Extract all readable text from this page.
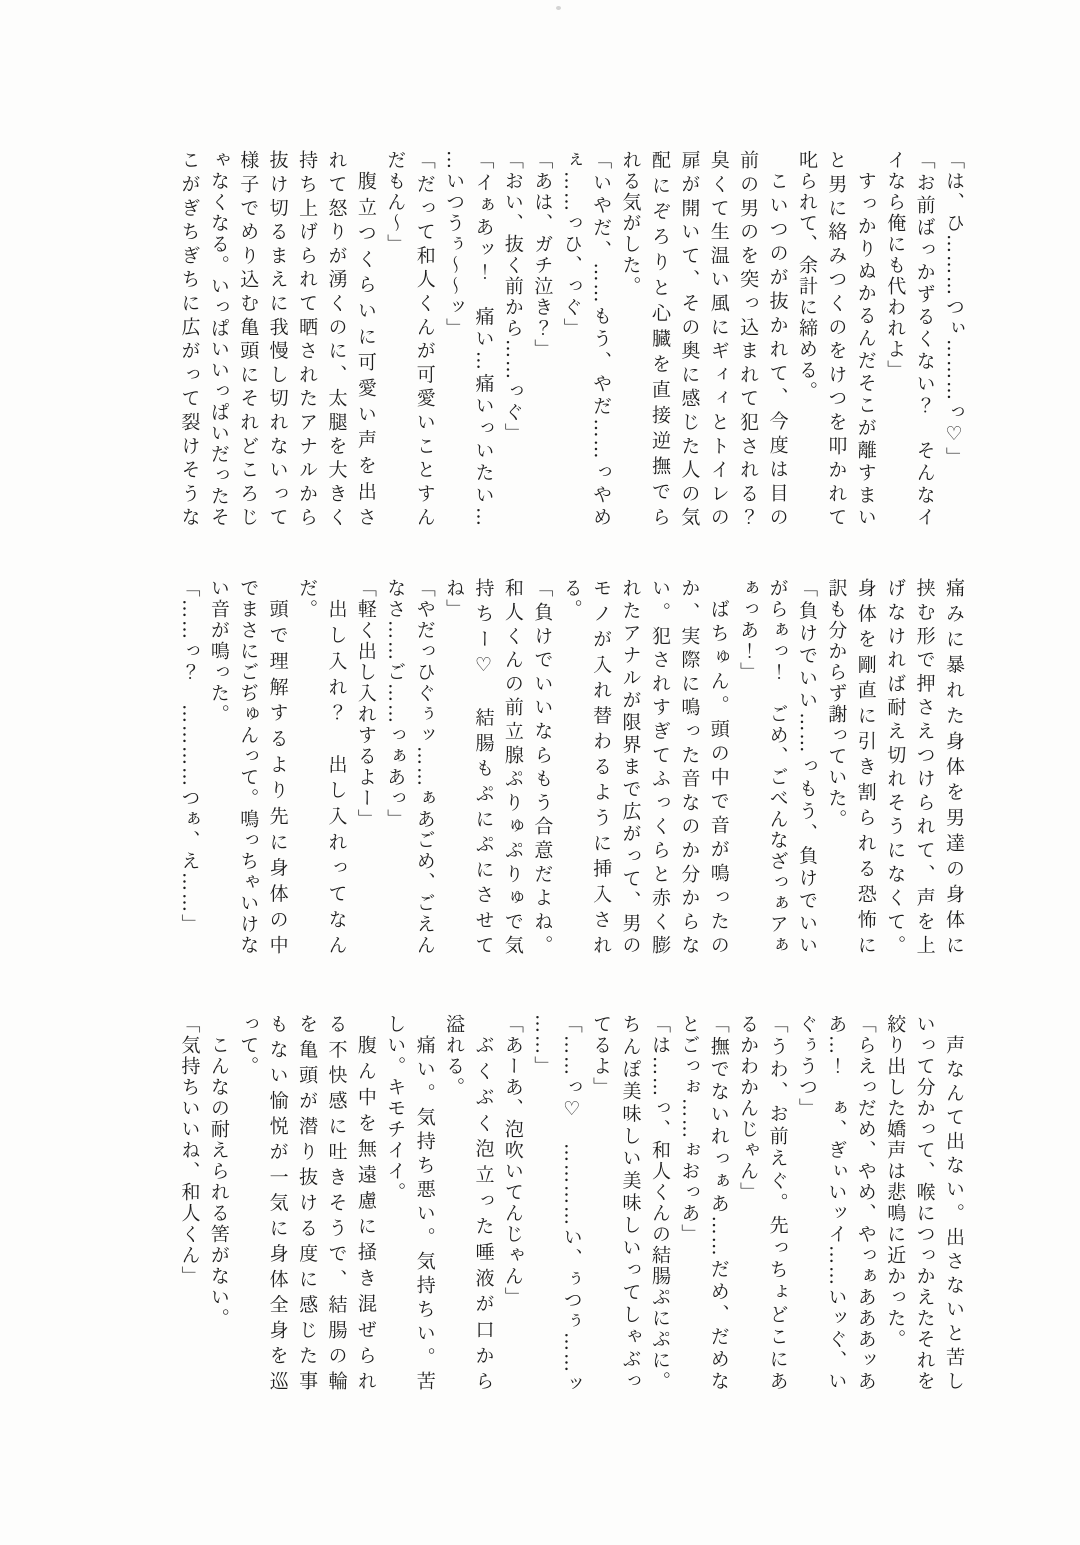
「は、ひ………つぃ………っ♡」

「お前ばっかずるくない？　そんなイ

イなら俺にも代われよ」

すっかりぬかるんだそこが離すまい

と男に絡みつくのをけつを叩かれて

叱られて、余計に締める。

こいつのが抜かれて、今度は目の

前の男のを突っ込まれて犯される？

臭くて生温い風にギィィとトイレの

扉が開いて、その奥に感じた人の気

配にぞろりと心臓を直接逆撫でら

れる気がした。

「いやだ、……もう、やだ……っやめ

ぇ……っひ、っぐ」

「あは、ガチ泣き？」

「おい、抜く前から……っぐ」

「イぁあッ！　痛い…痛いっいたい…

…いつうぅ〜〜ッ」

「だって和人くんが可愛いことすん

だもん〜」

腹立つくらいに可愛い声を出さ

れて怒りが湧くのに、太腿を大きく

持ち上げられて晒されたアナルから

抜け切るまえに我慢し切れないって

様子でめり込む亀頭にそれどころじ

ゃなくなる。いっぱいいっぱいだったそ

こがぎちぎちに広がって裂けそうな

痛みに暴れた身体を男達の身体に

挟む形で押さえつけられて、声を上

げなければ耐え切れそうになくて。

身体を剛直に引き割られる恐怖に

訳も分からず謝っていた。

「負けでいい……っもう、負けでいい

がらぁっ！　ごめ、ごべんなざっぁアぁ

ぁっあ！」

ばちゅん。頭の中で音が鳴ったの

か、実際に鳴った音なのか分からな

い。犯されすぎてふっくらと赤く膨

れたアナルが限界まで広がって、男の

モノが入れ替わるように挿入され

る。

「負けでいいならもう合意だよね。

和人くんの前立腺ぷりゅぷりゅで気

持ちー♡　結腸もぷにぷにさせて

ね」

「やだっひぐぅッ……ぁあごめ、ごえん

なさ……ご……っぁあっ」

「軽く出し入れするよー」

出し入れ？　出し入れってなん

だ。

頭で理解するより先に身体の中

でまさにごぢゅんって。鳴っちゃいけな

い音が鳴った。

「……っ？　…………つぁ、え……」

声なんて出ない。出さないと苦し

いって分かって、喉につっかえたそれを

絞り出した嬌声は悲鳴に近かった。

「らえっだめ、やめ、やっぁあああッあ

あ…！　ぁ、ぎぃいッイ……いッぐ、い

ぐぅうつ」

「うわ、お前えぐ。先っちょどこにあ

るかわかんじゃん」

「撫でないれっぁあ……だめ、だめな

とごっぉ……ぉおっあ」

「は……っ、和人くんの結腸ぷにぷに。

ちんぽ美味しい美味しいってしゃぶっ

てるよ」

「……っ♡　…………い、ぅつぅ……ッ

……」

「あーあ、泡吹いてんじゃん」

ぶくぶく泡立った唾液が口から

溢れる。

痛い。気持ち悪い。気持ちい。苦

しい。キモチイイ。

腹ん中を無遠慮に掻き混ぜられ

る不快感に吐きそうで、結腸の輪

を亀頭が潜り抜ける度に感じた事

もない愉悦が一気に身体全身を巡

って。

こんなの耐えられる筈がない。

「気持ちいいね、和人くん」
